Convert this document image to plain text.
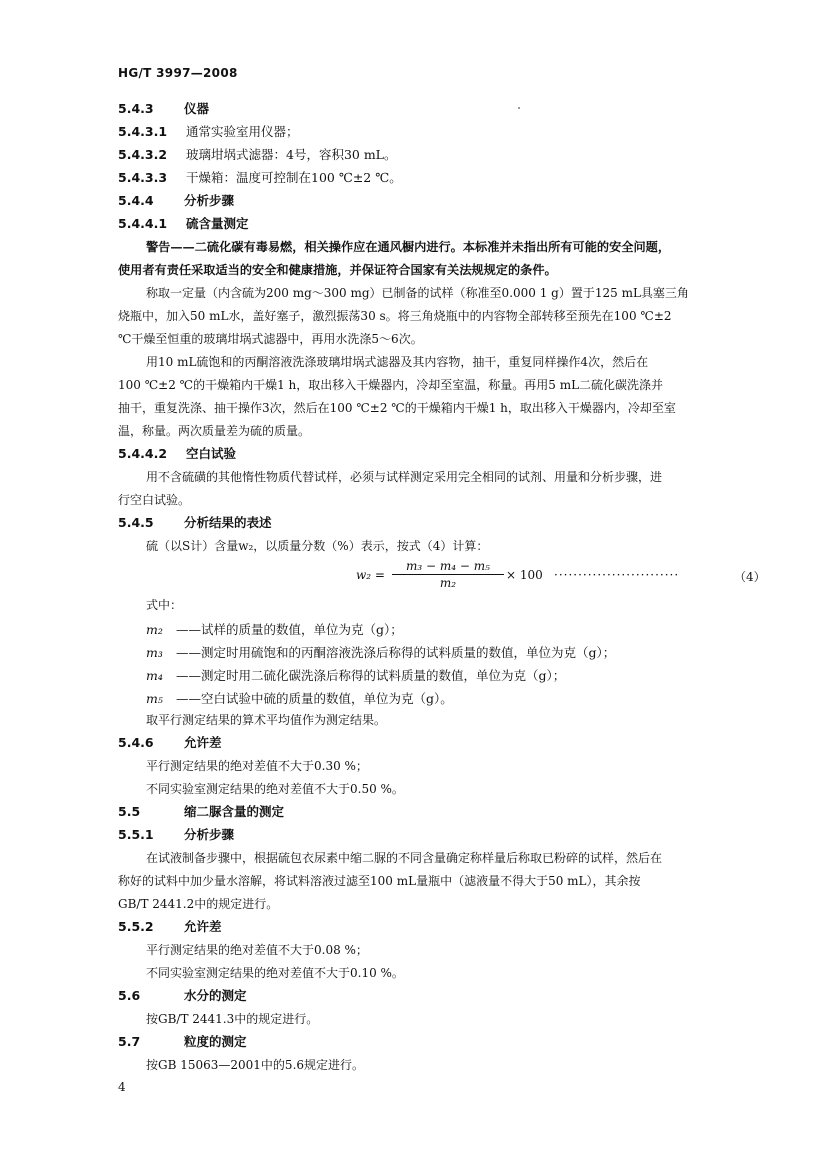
HG/T 3997—2008
5.4.3 仪器
5.4.3.1 通常实验室用仪器；
5.4.3.2 玻璃坩埚式滤器：4号，容积30 mL。
5.4.3.3 干燥箱：温度可控制在100 ℃±2 ℃。
5.4.4 分析步骤
5.4.4.1 硫含量测定
警告——二硫化碳有毒易燃，相关操作应在通风橱内进行。本标准并未指出所有可能的安全问题，
使用者有责任采取适当的安全和健康措施，并保证符合国家有关法规规定的条件。
称取一定量（内含硫为200 mg～300 mg）已制备的试样（称准至0.000 1 g）置于125 mL具塞三角
烧瓶中，加入50 mL水，盖好塞子，激烈振荡30 s。将三角烧瓶中的内容物全部转移至预先在100 ℃±2
℃干燥至恒重的玻璃坩埚式滤器中，再用水洗涤5～6次。
用10 mL硫饱和的丙酮溶液洗涤玻璃坩埚式滤器及其内容物，抽干，重复同样操作4次，然后在
100 ℃±2 ℃的干燥箱内干燥1 h，取出移入干燥器内，冷却至室温，称量。再用5 mL二硫化碳洗涤并
抽干，重复洗涤、抽干操作3次，然后在100 ℃±2 ℃的干燥箱内干燥1 h，取出移入干燥器内，冷却至室
温，称量。两次质量差为硫的质量。
5.4.4.2 空白试验
用不含硫磺的其他惰性物质代替试样，必须与试样测定采用完全相同的试剂、用量和分析步骤，进
行空白试验。
5.4.5 分析结果的表述
硫（以S计）含量w₂，以质量分数（%）表示，按式（4）计算：
w₂ =
m₃ − m₄ − m₅
m₂
× 100 ··························	（4）
式中：
m₂ ——试样的质量的数值，单位为克（g）；
m₃ ——测定时用硫饱和的丙酮溶液洗涤后称得的试料质量的数值，单位为克（g）；
m₄ ——测定时用二硫化碳洗涤后称得的试料质量的数值，单位为克（g）；
m₅ ——空白试验中硫的质量的数值，单位为克（g）。
取平行测定结果的算术平均值作为测定结果。
5.4.6 允许差
平行测定结果的绝对差值不大于0.30 %；
不同实验室测定结果的绝对差值不大于0.50 %。
5.5	缩二脲含量的测定
5.5.1 分析步骤
在试液制备步骤中，根据硫包衣尿素中缩二脲的不同含量确定称样量后称取已粉碎的试样，然后在
称好的试料中加少量水溶解，将试料溶液过滤至100 mL量瓶中（滤液量不得大于50 mL），其余按
GB/T 2441.2中的规定进行。
5.5.2 允许差
平行测定结果的绝对差值不大于0.08 %；
不同实验室测定结果的绝对差值不大于0.10 %。
5.6	水分的测定
按GB/T 2441.3中的规定进行。
5.7	粒度的测定
按GB 15063—2001中的5.6规定进行。
4
